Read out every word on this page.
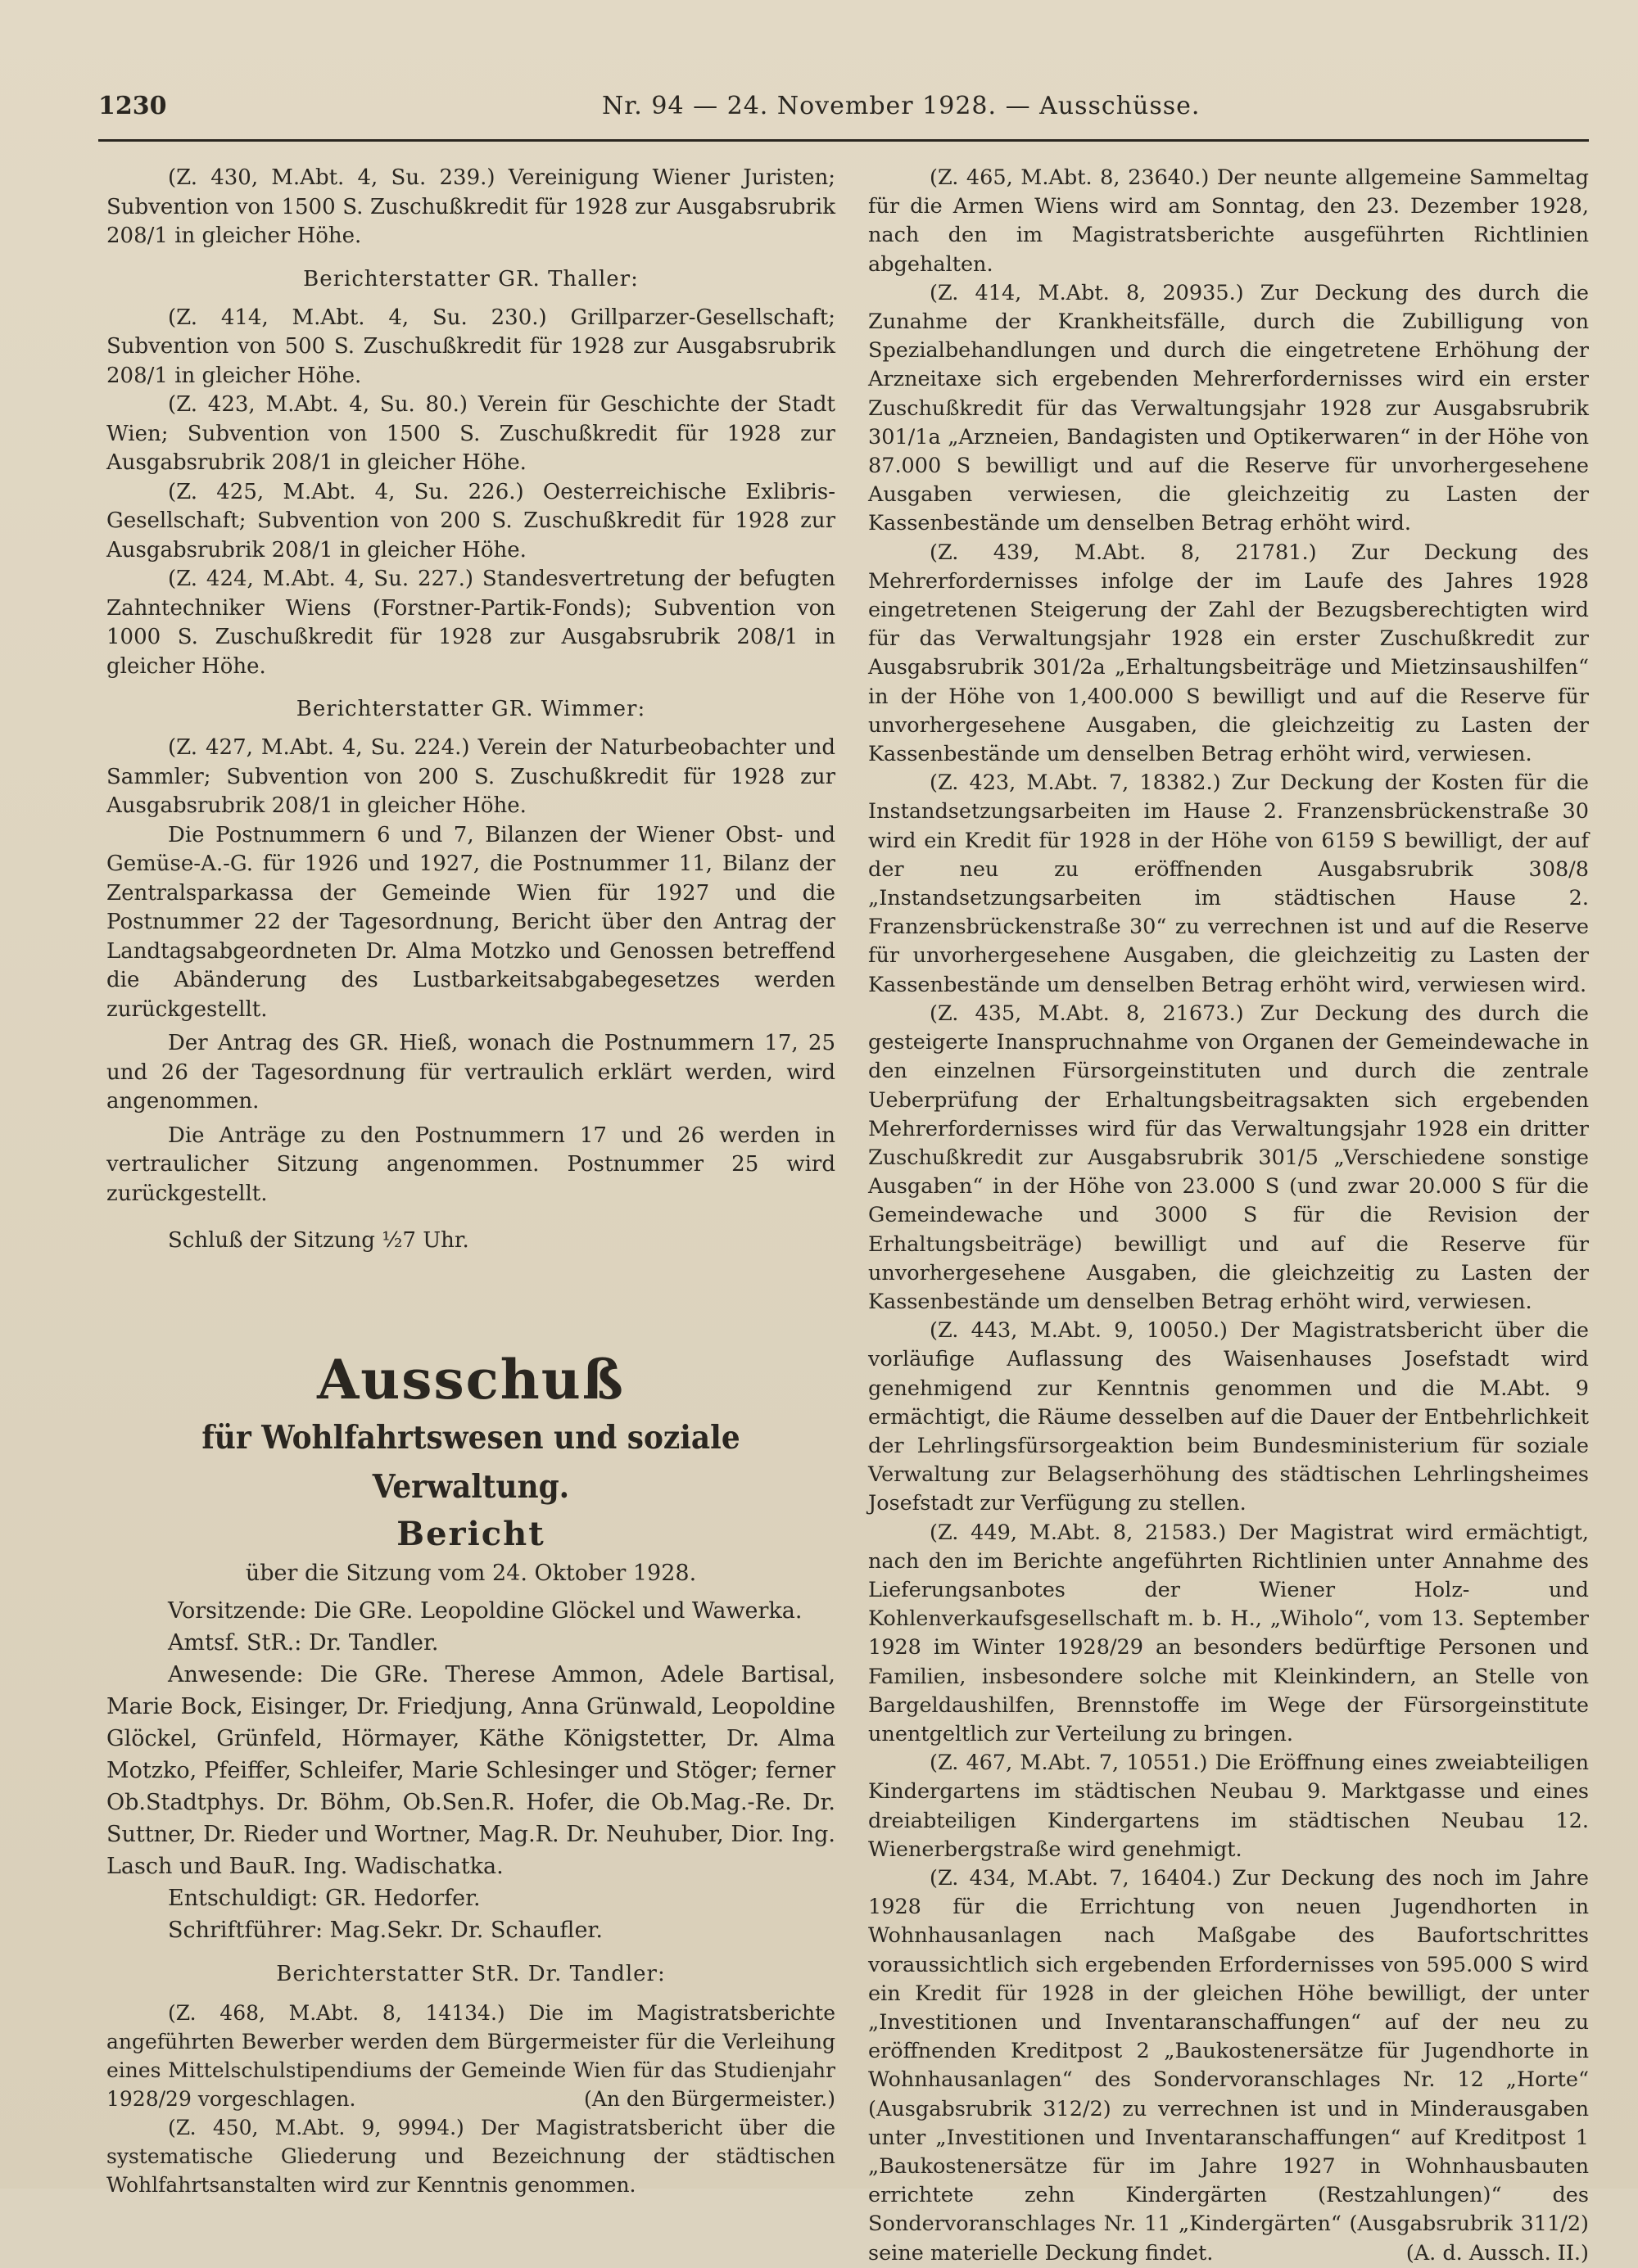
1230	Nr. 94 — 24. November 1928. — Ausschüsse.

(Z. 430, M.Abt. 4, Su. 239.) Vereinigung Wiener Juristen; Subvention von 1500 S. Zuschußkredit für 1928 zur Ausgabsrubrik 208/1 in gleicher Höhe.

Berichterstatter GR. Thaller:

(Z. 414, M.Abt. 4, Su. 230.) Grillparzer-Gesellschaft; Subvention von 500 S. Zuschußkredit für 1928 zur Ausgabsrubrik 208/1 in gleicher Höhe.

(Z. 423, M.Abt. 4, Su. 80.) Verein für Geschichte der Stadt Wien; Subvention von 1500 S. Zuschußkredit für 1928 zur Ausgabsrubrik 208/1 in gleicher Höhe.

(Z. 425, M.Abt. 4, Su. 226.) Oesterreichische Exlibris-Gesellschaft; Subvention von 200 S. Zuschußkredit für 1928 zur Ausgabsrubrik 208/1 in gleicher Höhe.

(Z. 424, M.Abt. 4, Su. 227.) Standesvertretung der befugten Zahntechniker Wiens (Forstner-Partik-Fonds); Subvention von 1000 S. Zuschußkredit für 1928 zur Ausgabsrubrik 208/1 in gleicher Höhe.

Berichterstatter GR. Wimmer:

(Z. 427, M.Abt. 4, Su. 224.) Verein der Naturbeobachter und Sammler; Subvention von 200 S. Zuschußkredit für 1928 zur Ausgabsrubrik 208/1 in gleicher Höhe.

Die Postnummern 6 und 7, Bilanzen der Wiener Obst- und Gemüse-A.-G. für 1926 und 1927, die Postnummer 11, Bilanz der Zentralsparkassa der Gemeinde Wien für 1927 und die Postnummer 22 der Tagesordnung, Bericht über den Antrag der Landtagsabgeordneten Dr. Alma Motzko und Genossen betreffend die Abänderung des Lustbarkeitsabgabegesetzes werden zurückgestellt.

Der Antrag des GR. Hieß, wonach die Postnummern 17, 25 und 26 der Tagesordnung für vertraulich erklärt werden, wird angenommen.

Die Anträge zu den Postnummern 17 und 26 werden in vertraulicher Sitzung angenommen. Postnummer 25 wird zurückgestellt.

Schluß der Sitzung ½7 Uhr.

Ausschuß
für Wohlfahrtswesen und soziale Verwaltung.
Bericht
über die Sitzung vom 24. Oktober 1928.

Vorsitzende: Die GRe. Leopoldine Glöckel und Wawerka.

Amtsf. StR.: Dr. Tandler.

Anwesende: Die GRe. Therese Ammon, Adele Bartisal, Marie Bock, Eisinger, Dr. Friedjung, Anna Grünwald, Leopoldine Glöckel, Grünfeld, Hörmayer, Käthe Königstetter, Dr. Alma Motzko, Pfeiffer, Schleifer, Marie Schlesinger und Stöger; ferner Ob.Stadtphys. Dr. Böhm, Ob.Sen.R. Hofer, die Ob.Mag.-Re. Dr. Suttner, Dr. Rieder und Wortner, Mag.R. Dr. Neuhuber, Dior. Ing. Lasch und BauR. Ing. Wadischatka.

Entschuldigt: GR. Hedorfer.

Schriftführer: Mag.Sekr. Dr. Schaufler.

Berichterstatter StR. Dr. Tandler:

(Z. 468, M.Abt. 8, 14134.) Die im Magistratsberichte angeführten Bewerber werden dem Bürgermeister für die Verleihung eines Mittelschulstipendiums der Gemeinde Wien für das Studienjahr 1928/29 vorgeschlagen.	(An den Bürgermeister.)

(Z. 450, M.Abt. 9, 9994.) Der Magistratsbericht über die systematische Gliederung und Bezeichnung der städtischen Wohlfahrtsanstalten wird zur Kenntnis genommen.

(Z. 465, M.Abt. 8, 23640.) Der neunte allgemeine Sammeltag für die Armen Wiens wird am Sonntag, den 23. Dezember 1928, nach den im Magistratsberichte ausgeführten Richtlinien abgehalten.

(Z. 414, M.Abt. 8, 20935.) Zur Deckung des durch die Zunahme der Krankheitsfälle, durch die Zubilligung von Spezialbehandlungen und durch die eingetretene Erhöhung der Arzneitaxe sich ergebenden Mehrerfordernisses wird ein erster Zuschußkredit für das Verwaltungsjahr 1928 zur Ausgabsrubrik 301/1a „Arzneien, Bandagisten und Optikerwaren“ in der Höhe von 87.000 S bewilligt und auf die Reserve für unvorhergesehene Ausgaben verwiesen, die gleichzeitig zu Lasten der Kassenbestände um denselben Betrag erhöht wird.

(Z. 439, M.Abt. 8, 21781.) Zur Deckung des Mehrerfordernisses infolge der im Laufe des Jahres 1928 eingetretenen Steigerung der Zahl der Bezugsberechtigten wird für das Verwaltungsjahr 1928 ein erster Zuschußkredit zur Ausgabsrubrik 301/2a „Erhaltungsbeiträge und Mietzinsaushilfen“ in der Höhe von 1,400.000 S bewilligt und auf die Reserve für unvorhergesehene Ausgaben, die gleichzeitig zu Lasten der Kassenbestände um denselben Betrag erhöht wird, verwiesen.

(Z. 423, M.Abt. 7, 18382.) Zur Deckung der Kosten für die Instandsetzungsarbeiten im Hause 2. Franzensbrückenstraße 30 wird ein Kredit für 1928 in der Höhe von 6159 S bewilligt, der auf der neu zu eröffnenden Ausgabsrubrik 308/8 „Instandsetzungsarbeiten im städtischen Hause 2. Franzensbrückenstraße 30“ zu verrechnen ist und auf die Reserve für unvorhergesehene Ausgaben, die gleichzeitig zu Lasten der Kassenbestände um denselben Betrag erhöht wird, verwiesen wird.

(Z. 435, M.Abt. 8, 21673.) Zur Deckung des durch die gesteigerte Inanspruchnahme von Organen der Gemeindewache in den einzelnen Fürsorgeinstituten und durch die zentrale Ueberprüfung der Erhaltungsbeitragsakten sich ergebenden Mehrerfordernisses wird für das Verwaltungsjahr 1928 ein dritter Zuschußkredit zur Ausgabsrubrik 301/5 „Verschiedene sonstige Ausgaben“ in der Höhe von 23.000 S (und zwar 20.000 S für die Gemeindewache und 3000 S für die Revision der Erhaltungsbeiträge) bewilligt und auf die Reserve für unvorhergesehene Ausgaben, die gleichzeitig zu Lasten der Kassenbestände um denselben Betrag erhöht wird, verwiesen.

(Z. 443, M.Abt. 9, 10050.) Der Magistratsbericht über die vorläufige Auflassung des Waisenhauses Josefstadt wird genehmigend zur Kenntnis genommen und die M.Abt. 9 ermächtigt, die Räume desselben auf die Dauer der Entbehrlichkeit der Lehrlingsfürsorgeaktion beim Bundesministerium für soziale Verwaltung zur Belagserhöhung des städtischen Lehrlingsheimes Josefstadt zur Verfügung zu stellen.

(Z. 449, M.Abt. 8, 21583.) Der Magistrat wird ermächtigt, nach den im Berichte angeführten Richtlinien unter Annahme des Lieferungsanbotes der Wiener Holz- und Kohlenverkaufsgesellschaft m. b. H., „Wiholo“, vom 13. September 1928 im Winter 1928/29 an besonders bedürftige Personen und Familien, insbesondere solche mit Kleinkindern, an Stelle von Bargeldaushilfen, Brennstoffe im Wege der Fürsorgeinstitute unentgeltlich zur Verteilung zu bringen.

(Z. 467, M.Abt. 7, 10551.) Die Eröffnung eines zweiabteiligen Kindergartens im städtischen Neubau 9. Marktgasse und eines dreiabteiligen Kindergartens im städtischen Neubau 12. Wienerbergstraße wird genehmigt.

(Z. 434, M.Abt. 7, 16404.) Zur Deckung des noch im Jahre 1928 für die Errichtung von neuen Jugendhorten in Wohnhausanlagen nach Maßgabe des Baufortschrittes voraussichtlich sich ergebenden Erfordernisses von 595.000 S wird ein Kredit für 1928 in der gleichen Höhe bewilligt, der unter „Investitionen und Inventaranschaffungen“ auf der neu zu eröffnenden Kreditpost 2 „Baukostenersätze für Jugendhorte in Wohnhausanlagen“ des Sondervoranschlages Nr. 12 „Horte“ (Ausgabsrubrik 312/2) zu verrechnen ist und in Minderausgaben unter „Investitionen und Inventaranschaffungen“ auf Kreditpost 1 „Baukostenersätze für im Jahre 1927 in Wohnhausbauten errichtete zehn Kindergärten (Restzahlungen)“ des Sondervoranschlages Nr. 11 „Kindergärten“ (Ausgabsrubrik 311/2) seine materielle Deckung findet.	(A. d. Aussch. II.)
